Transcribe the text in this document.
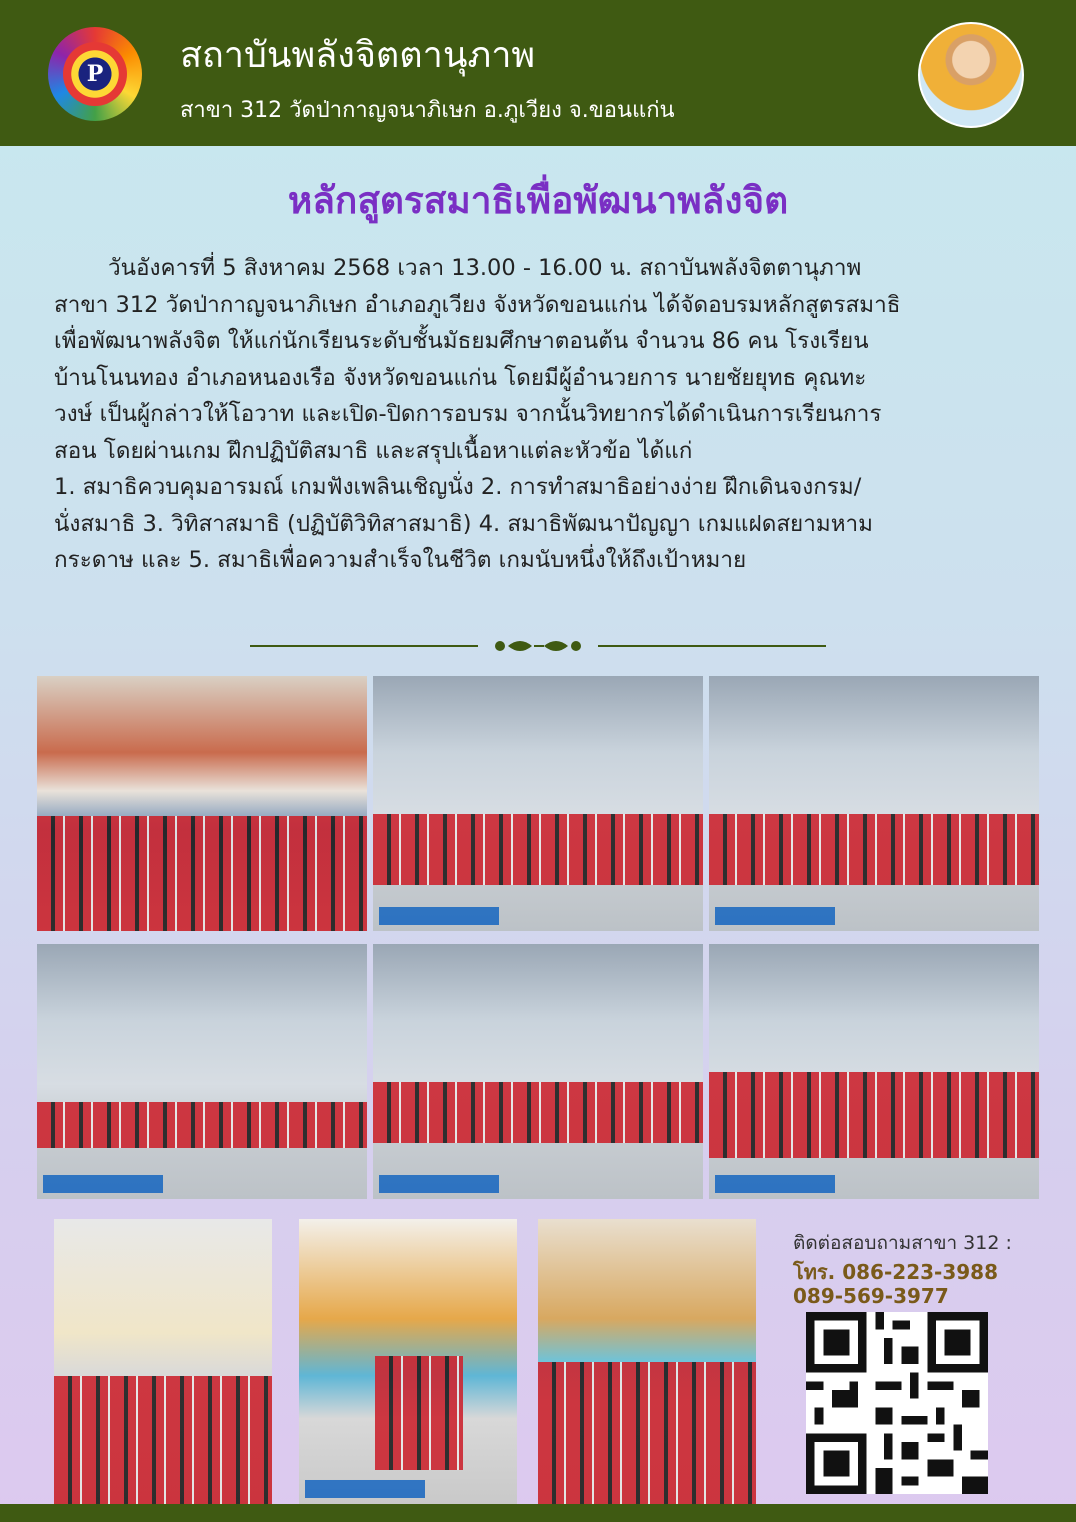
P	สถาบันพลังจิตตานุภาพ
สาขา 312 วัดป่ากาญจนาภิเษก อ.ภูเวียง จ.ขอนแก่น
หลักสูตรสมาธิเพื่อพัฒนาพลังจิต

วันอังคารที่ 5 สิงหาคม 2568 เวลา 13.00 - 16.00 น. สถาบันพลังจิตตานุภาพ

สาขา 312 วัดป่ากาญจนาภิเษก อำเภอภูเวียง จังหวัดขอนแก่น ได้จัดอบรมหลักสูตรสมาธิ

เพื่อพัฒนาพลังจิต ให้แก่นักเรียนระดับชั้นมัธยมศึกษาตอนต้น จำนวน 86 คน โรงเรียน

บ้านโนนทอง อำเภอหนองเรือ จังหวัดขอนแก่น โดยมีผู้อำนวยการ นายชัยยุทธ คุณทะ

วงษ์ เป็นผู้กล่าวให้โอวาท และเปิด-ปิดการอบรม จากนั้นวิทยากรได้ดำเนินการเรียนการ

สอน โดยผ่านเกม ฝึกปฏิบัติสมาธิ และสรุปเนื้อหาแต่ละหัวข้อ ได้แก่

1. สมาธิควบคุมอารมณ์ เกมฟังเพลินเชิญนั่ง 2. การทำสมาธิอย่างง่าย ฝึกเดินจงกรม/

นั่งสมาธิ 3. วิทิสาสมาธิ (ปฏิบัติวิทิสาสมาธิ) 4. สมาธิพัฒนาปัญญา เกมแฝดสยามหาม

กระดาษ และ 5. สมาธิเพื่อความสำเร็จในชีวิต เกมนับหนึ่งให้ถึงเป้าหมาย

ติดต่อสอบถามสาขา 312 :
โทร. 086-223-3988
089-569-3977
